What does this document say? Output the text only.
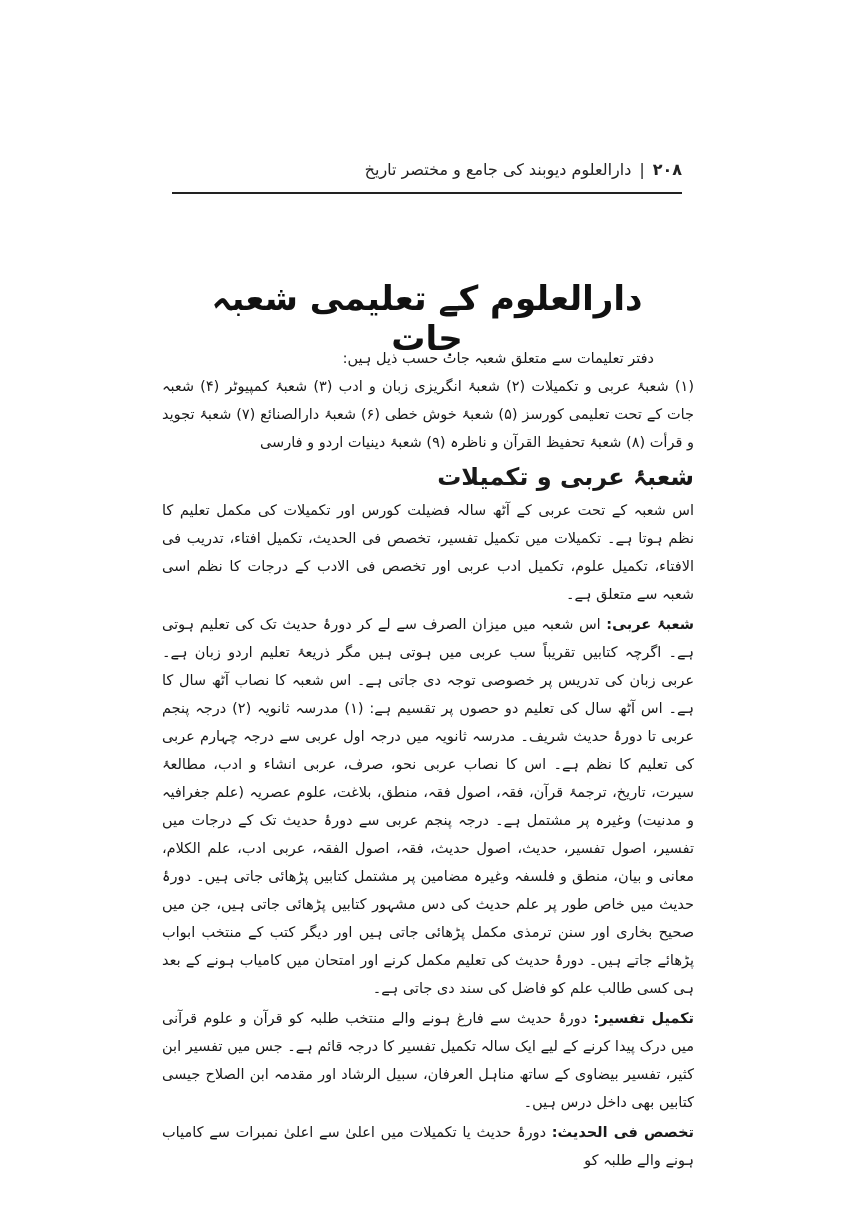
۲۰۸
|
دارالعلوم دیوبند کی جامع و مختصر تاریخ
دارالعلوم کے تعلیمی شعبہ جات

دفتر تعلیمات سے متعلق شعبہ جات حسب ذیل ہیں:

(۱) شعبۂ عربی و تکمیلات (۲) شعبۂ انگریزی زبان و ادب (۳) شعبۂ کمپیوٹر (۴) شعبہ جات کے تحت تعلیمی کورسز (۵) شعبۂ خوش خطی (۶) شعبۂ دارالصنائع (۷) شعبۂ تجوید و قرأت (۸) شعبۂ تحفیظ القرآن و ناظرہ (۹) شعبۂ دینیات اردو و فارسی

شعبۂ عربی و تکمیلات

اس شعبہ کے تحت عربی کے آٹھ سالہ فضیلت کورس اور تکمیلات کی مکمل تعلیم کا نظم ہوتا ہے۔ تکمیلات میں تکمیل تفسیر، تخصص فی الحدیث، تکمیل افتاء، تدریب فی الافتاء، تکمیل علوم، تکمیل ادب عربی اور تخصص فی الادب کے درجات کا نظم اسی شعبہ سے متعلق ہے۔

شعبۂ عربی: اس شعبہ میں میزان الصرف سے لے کر دورۂ حدیث تک کی تعلیم ہوتی ہے۔ اگرچہ کتابیں تقریباً سب عربی میں ہوتی ہیں مگر ذریعۂ تعلیم اردو زبان ہے۔ عربی زبان کی تدریس پر خصوصی توجہ دی جاتی ہے۔ اس شعبہ کا نصاب آٹھ سال کا ہے۔ اس آٹھ سال کی تعلیم دو حصوں پر تقسیم ہے: (۱) مدرسہ ثانویہ (۲) درجہ پنجم عربی تا دورۂ حدیث شریف۔ مدرسہ ثانویہ میں درجہ اول عربی سے درجہ چہارم عربی کی تعلیم کا نظم ہے۔ اس کا نصاب عربی نحو، صرف، عربی انشاء و ادب، مطالعۂ سیرت، تاریخ، ترجمۂ قرآن، فقہ، اصول فقہ، منطق، بلاغت، علوم عصریہ (علم جغرافیہ و مدنیت) وغیرہ پر مشتمل ہے۔ درجہ پنجم عربی سے دورۂ حدیث تک کے درجات میں تفسیر، اصول تفسیر، حدیث، اصول حدیث، فقہ، اصول الفقہ، عربی ادب، علم الکلام، معانی و بیان، منطق و فلسفہ وغیرہ مضامین پر مشتمل کتابیں پڑھائی جاتی ہیں۔ دورۂ حدیث میں خاص طور پر علم حدیث کی دس مشہور کتابیں پڑھائی جاتی ہیں، جن میں صحیح بخاری اور سنن ترمذی مکمل پڑھائی جاتی ہیں اور دیگر کتب کے منتخب ابواب پڑھائے جاتے ہیں۔ دورۂ حدیث کی تعلیم مکمل کرنے اور امتحان میں کامیاب ہونے کے بعد ہی کسی طالب علم کو فاضل کی سند دی جاتی ہے۔

تکمیل تفسیر: دورۂ حدیث سے فارغ ہونے والے منتخب طلبہ کو قرآن و علوم قرآنی میں درک پیدا کرنے کے لیے ایک سالہ تکمیل تفسیر کا درجہ قائم ہے۔ جس میں تفسیر ابن کثیر، تفسیر بیضاوی کے ساتھ مناہل العرفان، سبیل الرشاد اور مقدمہ ابن الصلاح جیسی کتابیں بھی داخل درس ہیں۔

تخصص فی الحدیث: دورۂ حدیث یا تکمیلات میں اعلیٰ سے اعلیٰ نمبرات سے کامیاب ہونے والے طلبہ کو
